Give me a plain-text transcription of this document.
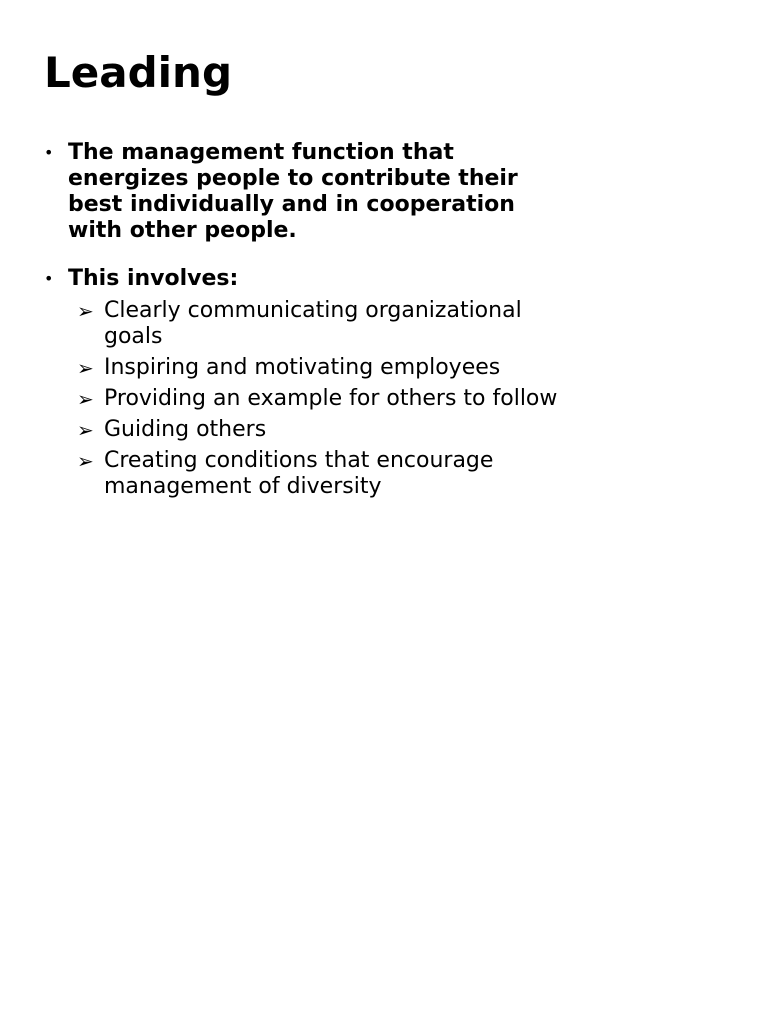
Leading
• The management function that energizes people to contribute their best individually and in cooperation with other people.
• This involves:
➢ Clearly communicating organizational goals
➢ Inspiring and motivating employees
➢ Providing an example for others to follow
➢ Guiding others
➢ Creating conditions that encourage management of diversity
